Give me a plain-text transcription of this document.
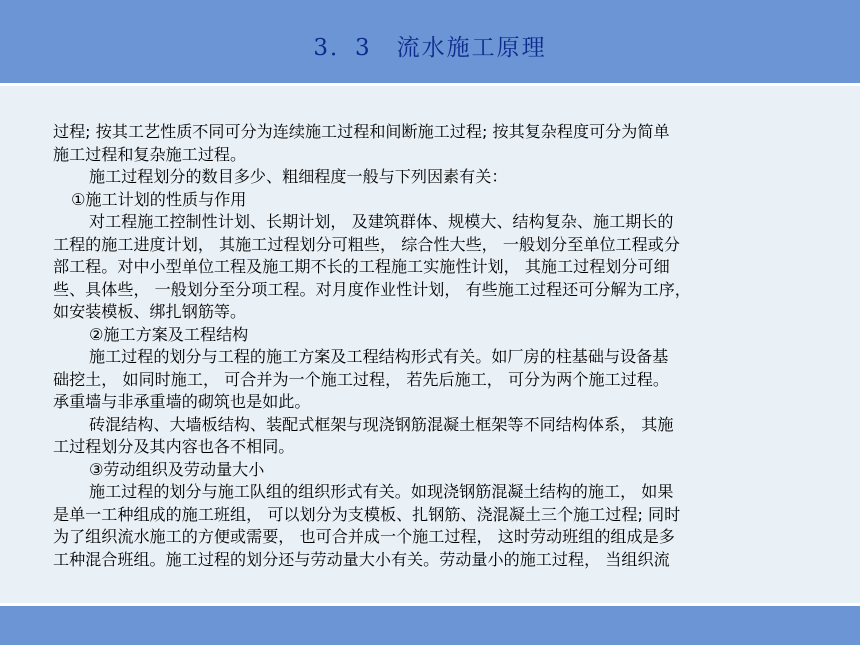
3．3　流水施工原理
过程; 按其工艺性质不同可分为连续施工过程和间断施工过程; 按其复杂程度可分为简单
施工过程和复杂施工过程。
施工过程划分的数目多少、粗细程度一般与下列因素有关：
①施工计划的性质与作用
对工程施工控制性计划、长期计划， 及建筑群体、规模大、结构复杂、施工期长的
工程的施工进度计划， 其施工过程划分可粗些， 综合性大些， 一般划分至单位工程或分
部工程。对中小型单位工程及施工期不长的工程施工实施性计划， 其施工过程划分可细
些、具体些， 一般划分至分项工程。对月度作业性计划， 有些施工过程还可分解为工序，
如安装模板、绑扎钢筋等。
②施工方案及工程结构
施工过程的划分与工程的施工方案及工程结构形式有关。如厂房的柱基础与设备基
础挖土， 如同时施工， 可合并为一个施工过程， 若先后施工， 可分为两个施工过程。
承重墙与非承重墙的砌筑也是如此。
砖混结构、大墙板结构、装配式框架与现浇钢筋混凝土框架等不同结构体系， 其施
工过程划分及其内容也各不相同。
③劳动组织及劳动量大小
施工过程的划分与施工队组的组织形式有关。如现浇钢筋混凝土结构的施工， 如果
是单一工种组成的施工班组， 可以划分为支模板、扎钢筋、浇混凝土三个施工过程; 同时
为了组织流水施工的方便或需要， 也可合并成一个施工过程， 这时劳动班组的组成是多
工种混合班组。施工过程的划分还与劳动量大小有关。劳动量小的施工过程， 当组织流
